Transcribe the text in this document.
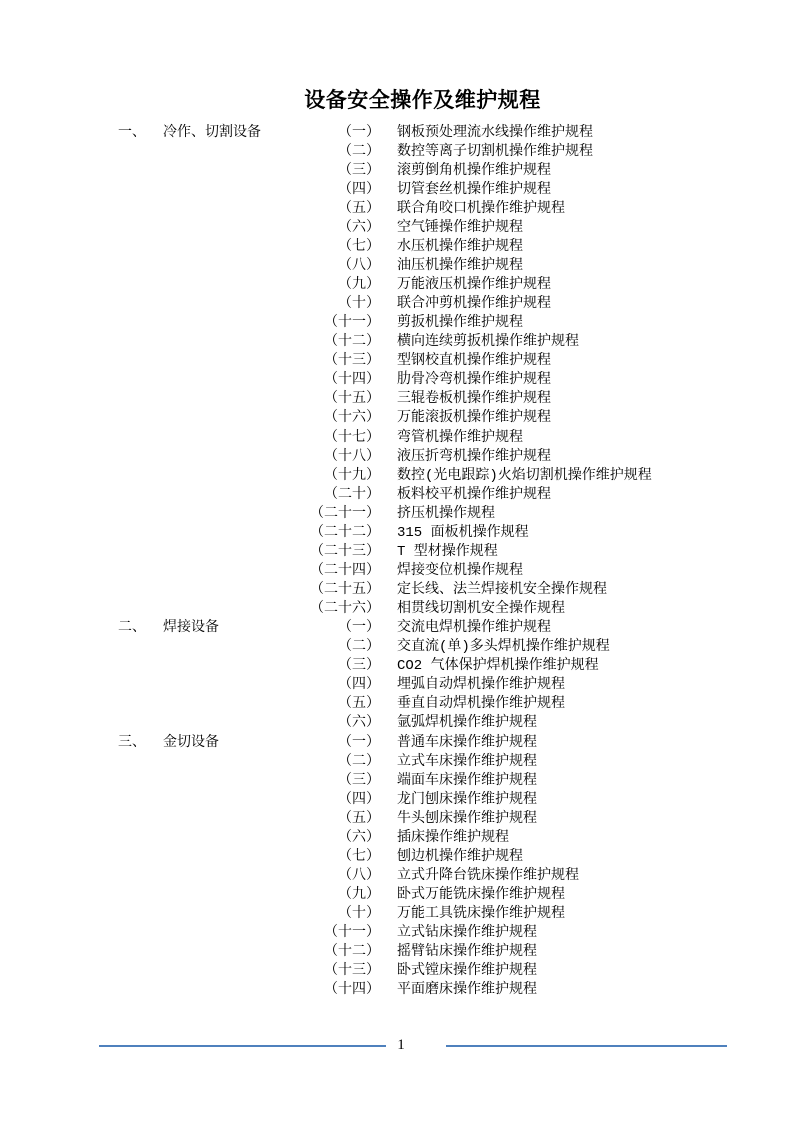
设备安全操作及维护规程
一、	冷作、切割设备	（一） 钢板预处理流水线操作维护规程
（二） 数控等离子切割机操作维护规程
（三） 滚剪倒角机操作维护规程
（四） 切管套丝机操作维护规程
（五） 联合角咬口机操作维护规程
（六） 空气锤操作维护规程
（七） 水压机操作维护规程
（八） 油压机操作维护规程
（九） 万能液压机操作维护规程
（十） 联合冲剪机操作维护规程
（十一） 剪扳机操作维护规程
（十二） 横向连续剪扳机操作维护规程
（十三） 型钢校直机操作维护规程
（十四） 肋骨冷弯机操作维护规程
（十五） 三辊卷板机操作维护规程
（十六） 万能滚扳机操作维护规程
（十七） 弯管机操作维护规程
（十八） 液压折弯机操作维护规程
（十九） 数控(光电跟踪)火焰切割机操作维护规程
（二十） 板料校平机操作维护规程
（二十一） 挤压机操作规程
（二十二） 315 面板机操作规程
（二十三） T 型材操作规程
（二十四） 焊接变位机操作规程
（二十五） 定长线、法兰焊接机安全操作规程
（二十六） 相贯线切割机安全操作规程
二、	焊接设备	（一） 交流电焊机操作维护规程
（二） 交直流(单)多头焊机操作维护规程
（三） CO2 气体保护焊机操作维护规程
（四） 埋弧自动焊机操作维护规程
（五） 垂直自动焊机操作维护规程
（六） 氩弧焊机操作维护规程
三、	金切设备	（一） 普通车床操作维护规程
（二） 立式车床操作维护规程
（三） 端面车床操作维护规程
（四） 龙门刨床操作维护规程
（五） 牛头刨床操作维护规程
（六） 插床操作维护规程
（七） 刨边机操作维护规程
（八） 立式升降台铣床操作维护规程
（九） 卧式万能铣床操作维护规程
（十） 万能工具铣床操作维护规程
（十一） 立式钻床操作维护规程
（十二） 摇臂钻床操作维护规程
（十三） 卧式镗床操作维护规程
（十四） 平面磨床操作维护规程
1
